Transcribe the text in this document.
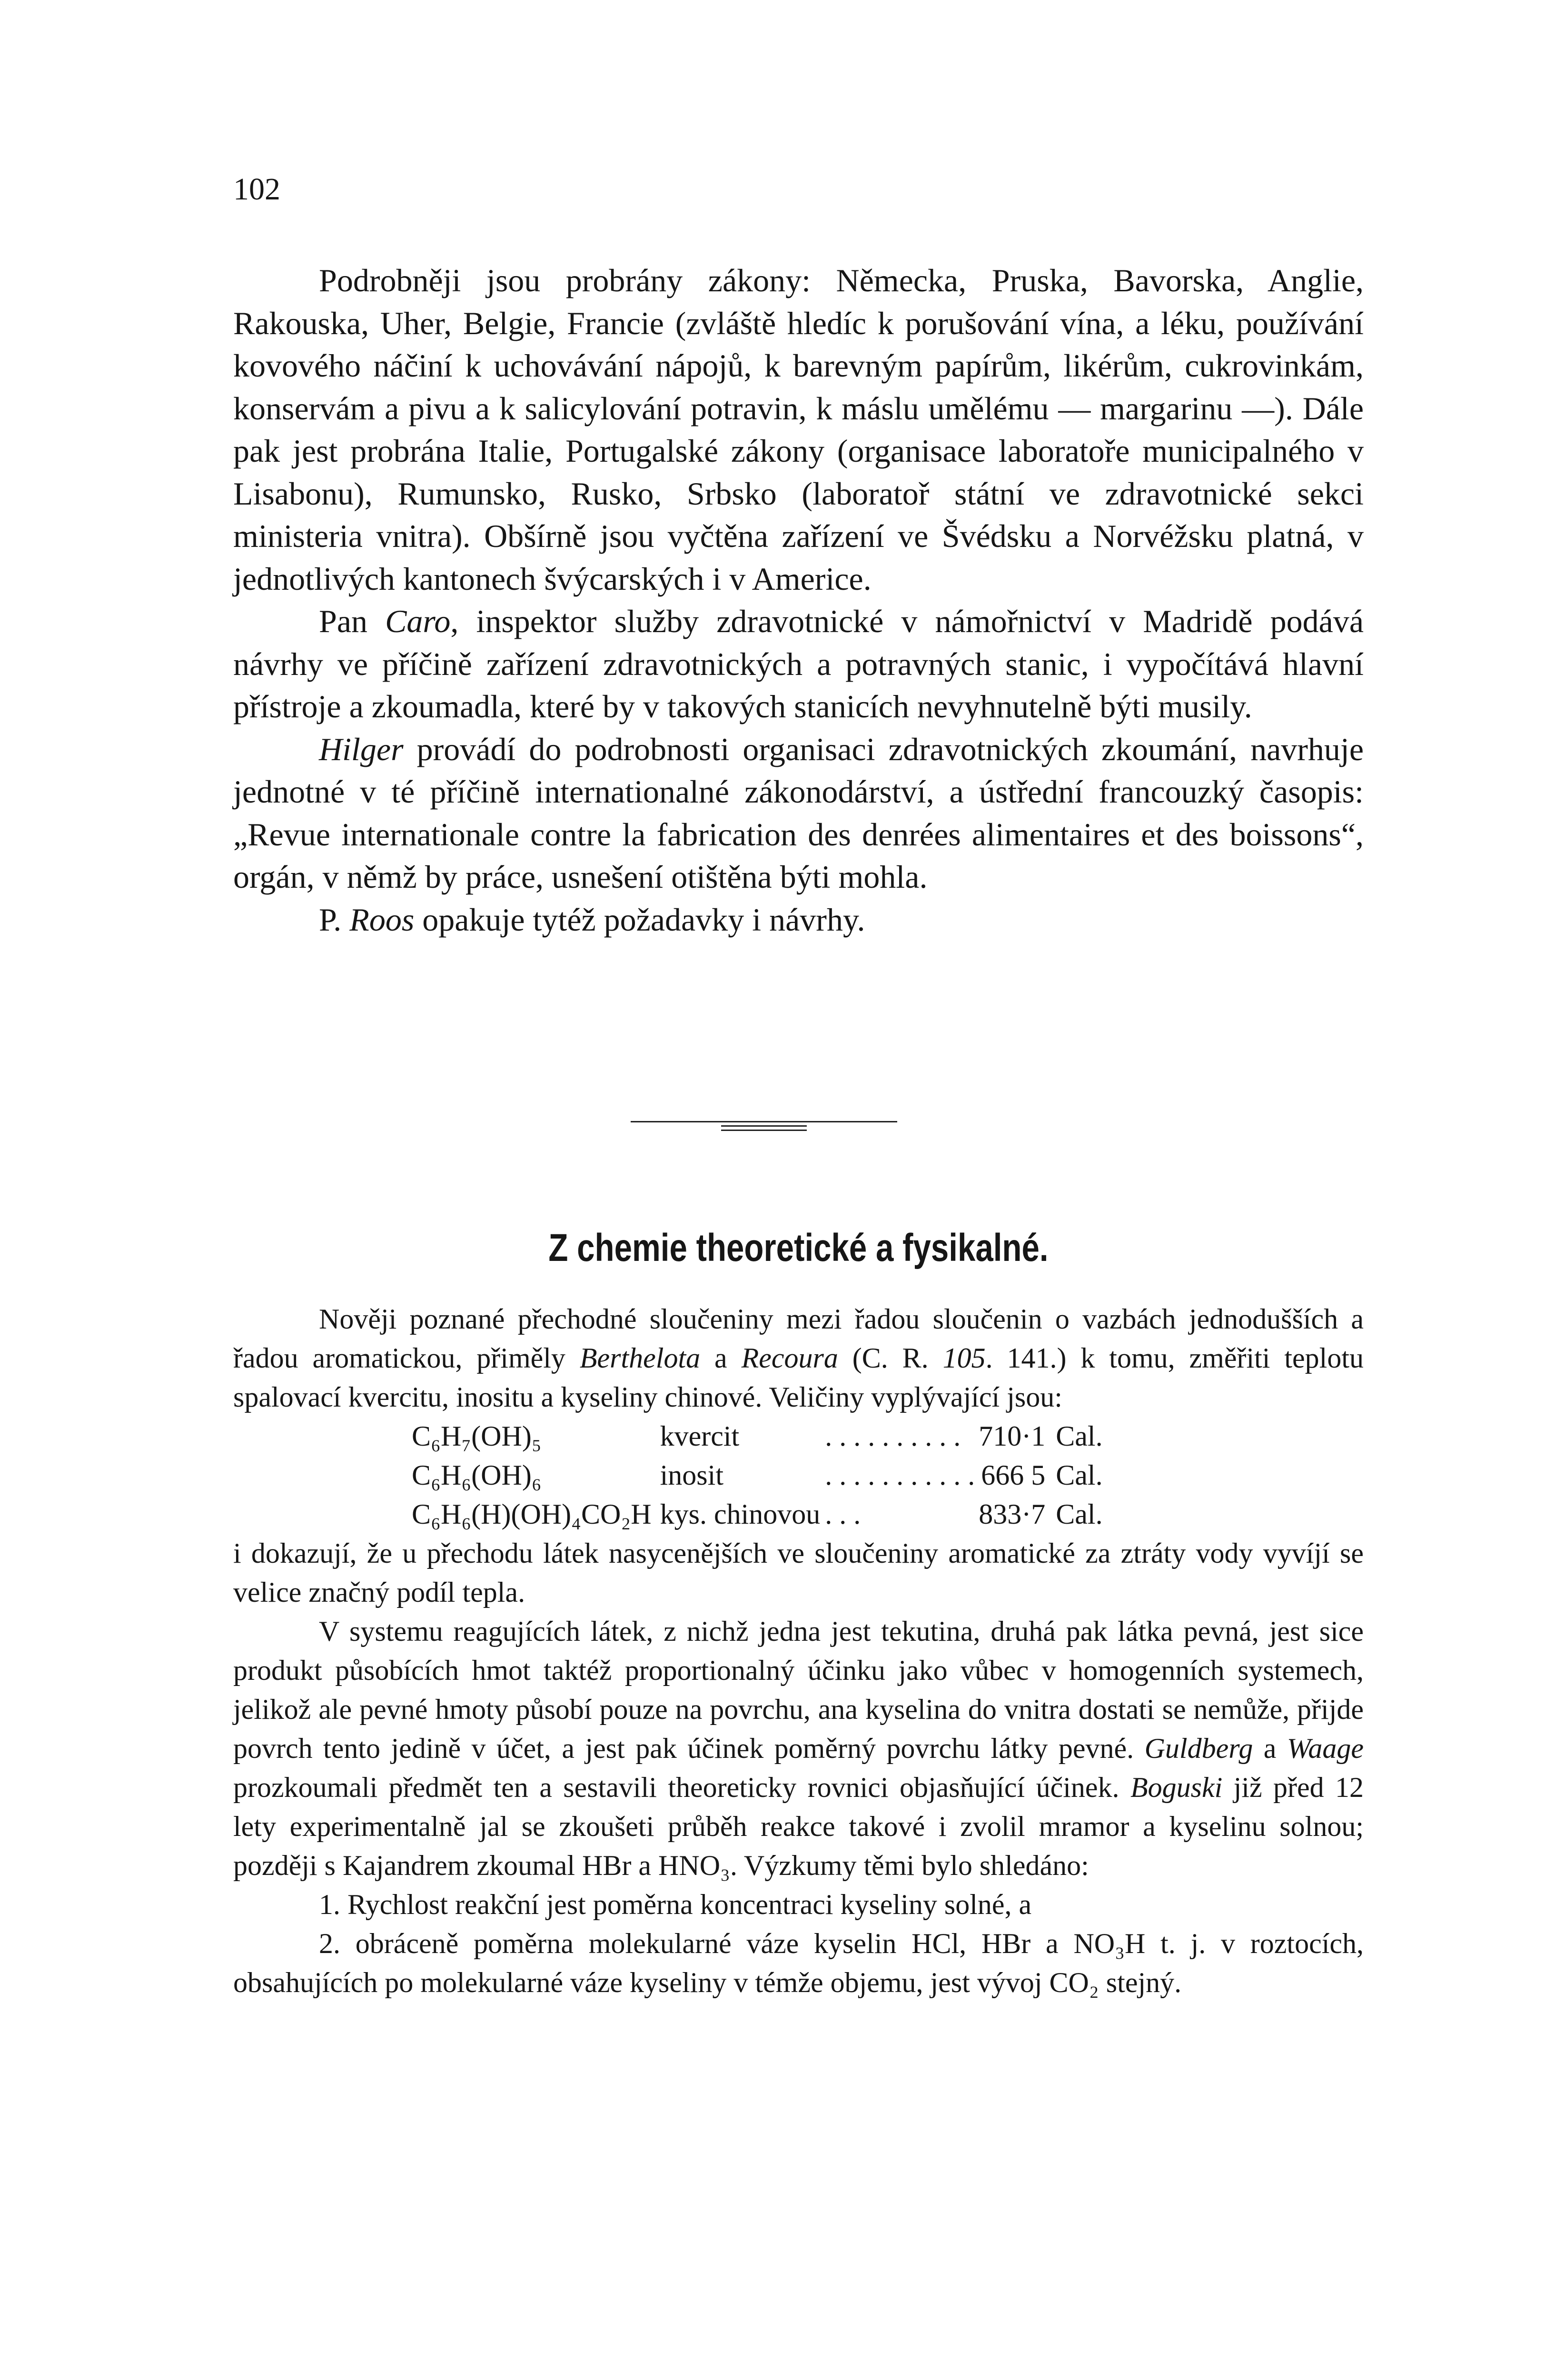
102

Podrobněji jsou probrány zákony: Německa, Pruska, Bavorska, Anglie, Rakouska, Uher, Belgie, Francie (zvláště hledíc k porušování vína, a léku, používání kovového náčiní k uchovávání nápojů, k barevným papírům, likérům, cukrovinkám, konservám a pivu a k salicylování potravin, k máslu umělému — margarinu —). Dále pak jest probrána Italie, Portugalské zákony (organisace laboratoře municipalného v Lisabonu), Rumunsko, Rusko, Srbsko (laboratoř státní ve zdravotnické sekci ministeria vnitra). Obšírně jsou vyčtěna zařízení ve Švédsku a Norvéžsku platná, v jednotlivých kantonech švýcarských i v Americe.

Pan Caro, inspektor služby zdravotnické v námořnictví v Madridě podává návrhy ve příčině zařízení zdravotnických a potravných stanic, i vypočítává hlavní přístroje a zkoumadla, které by v takových stanicích nevyhnutelně býti musily.

Hilger provádí do podrobnosti organisaci zdravotnických zkoumání, navrhuje jednotné v té příčině internationalné zákonodárství, a ústřední francouzký časopis: „Revue internationale contre la fabrication des denrées alimentaires et des boissons“, orgán, v němž by práce, usnešení otištěna býti mohla.

P. Roos opakuje tytéž požadavky i návrhy.

Z chemie theoretické a fysikalné.

Nověji poznané přechodné sloučeniny mezi řadou sloučenin o vazbách jednodušších a řadou aromatickou, přiměly Berthelota a Recoura (C. R. 105. 141.) k tomu, změřiti teplotu spalovací kvercitu, inositu a kyseliny chinové. Veličiny vyplývající jsou:

C₆H₇(OH)₅	kvercit	. . . . . . . . . .	710·1	Cal.
C₆H₆(OH)₆	inosit	. . . . . . . . . . .	666 5	Cal.
C₆H₆(H)(OH)₄CO₂H	kys. chinovou	. . .	833·7	Cal.

i dokazují, že u přechodu látek nasycenějších ve sloučeniny aromatické za ztráty vody vyvíjí se velice značný podíl tepla.

V systemu reagujících látek, z nichž jedna jest tekutina, druhá pak látka pevná, jest sice produkt působících hmot taktéž proportionalný účinku jako vůbec v homogenních systemech, jelikož ale pevné hmoty působí pouze na povrchu, ana kyselina do vnitra dostati se nemůže, přijde povrch tento jedině v účet, a jest pak účinek poměrný povrchu látky pevné. Guldberg a Waage prozkoumali předmět ten a sestavili theoreticky rovnici objasňující účinek. Boguski již před 12 lety experimentalně jal se zkoušeti průběh reakce takové i zvolil mramor a kyselinu solnou; později s Kajandrem zkoumal HBr a HNO₃. Výzkumy těmi bylo shledáno:

1. Rychlost reakční jest poměrna koncentraci kyseliny solné, a

2. obráceně poměrna molekularné váze kyselin HCl, HBr a NO₃H t. j. v roztocích, obsahujících po molekularné váze kyseliny v témže objemu, jest vývoj CO₂ stejný.
